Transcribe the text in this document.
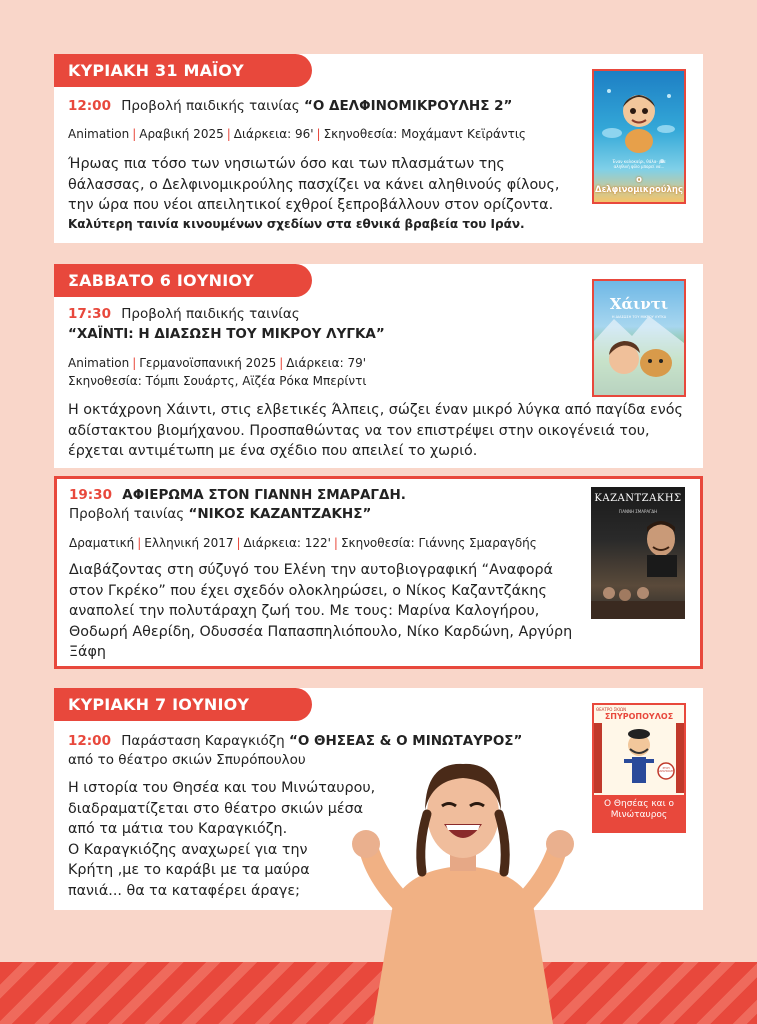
ΚΥΡΙΑΚΗ 31 ΜΑΪΟΥ
12:00 Προβολή παιδικής ταινίας “Ο ΔΕΛΦΙΝΟΜΙΚΡΟΥΛΗΣ 2”
Animation | Αραβική 2025 | Διάρκεια: 96' | Σκηνοθεσία: Μοχάμαντ Κεϊράντις
Ήρωας πια τόσο των νησιωτών όσο και των πλασμάτων της θάλασσας, ο Δελφινομικρούλης πασχίζει να κάνει αληθινούς φίλους, την ώρα που νέοι απειλητικοί εχθροί ξεπροβάλλουν στον ορίζοντα.
Καλύτερη ταινία κινουμένων σχεδίων στα εθνικά βραβεία του Ιράν.
Έναν καλοκαίρι, θάλα- μια αληθινή φίλο μπορεί να...
ο Δελφινομικρούλης
ΣΑΒΒΑΤΟ 6 ΙΟΥΝΙΟΥ
17:30 Προβολή παιδικής ταινίας
“ΧΑΪΝΤΙ: Η ΔΙΑΣΩΣΗ ΤΟΥ ΜΙΚΡΟΥ ΛΥΓΚΑ”
Animation | Γερμανοϊσπανική 2025 | Διάρκεια: 79'
Σκηνοθεσία: Τόμπι Σουάρτς, Αϊζέα Ρόκα Μπερίντι
Η οκτάχρονη Χάιντι, στις ελβετικές Άλπεις, σώζει έναν μικρό λύγκα από παγίδα ενός αδίστακτου βιομήχανου. Προσπαθώντας να τον επιστρέψει στην οικογένειά του, έρχεται αντιμέτωπη με ένα σχέδιο που απειλεί το χωριό.
Χάιντι
Η ΔΙΑΣΩΣΗ ΤΟΥ ΜΙΚΡΟΥ ΛΥΓΚΑ
19:30 ΑΦΙΕΡΩΜΑ ΣΤΟΝ ΓΙΑΝΝΗ ΣΜΑΡΑΓΔΗ.
Προβολή ταινίας “ΝΙΚΟΣ ΚΑΖΑΝΤΖΑΚΗΣ”
Δραματική | Ελληνική 2017 | Διάρκεια: 122' | Σκηνοθεσία: Γιάννης Σμαραγδής
Διαβάζοντας στη σύζυγό του Ελένη την αυτοβιογραφική “Αναφορά στον Γκρέκο” που έχει σχεδόν ολοκληρώσει, ο Νίκος Καζαντζάκης αναπολεί την πολυτάραχη ζωή του. Με τους: Μαρίνα Καλογήρου, Θοδωρή Αθερίδη, Οδυσσέα Παπασπηλιόπουλο, Νίκο Καρδώνη, Αργύρη Ξάφη
ΚΑΖΑΝΤΖΑΚΗΣ
ΓΙΑΝΝΗ ΣΜΑΡΑΓΔΗ
ΚΥΡΙΑΚΗ 7 ΙΟΥΝΙΟΥ
12:00 Παράσταση Καραγκιόζη “Ο ΘΗΣΕΑΣ & Ο ΜΙΝΩΤΑΥΡΟΣ”
από το θέατρο σκιών Σπυρόπουλου
Η ιστορία του Θησέα και του Μινώταυρου,
διαδραματίζεται στο θέατρο σκιών μέσα
από τα μάτια του Καραγκιόζη.
Ο Καραγκιόζης αναχωρεί για την
Κρήτη ,με το καράβι με τα μαύρα
πανιά... θα τα καταφέρει άραγε;
ΘΕΑΤΡΟ ΣΚΙΩΝ
ΣΠΥΡΟΠΟΥΛΟΣ
ΣΤΟΠ ΚΑΡΑΓΚΙΟΖΗ
Ο Θησέας και ο Μινώταυρος
